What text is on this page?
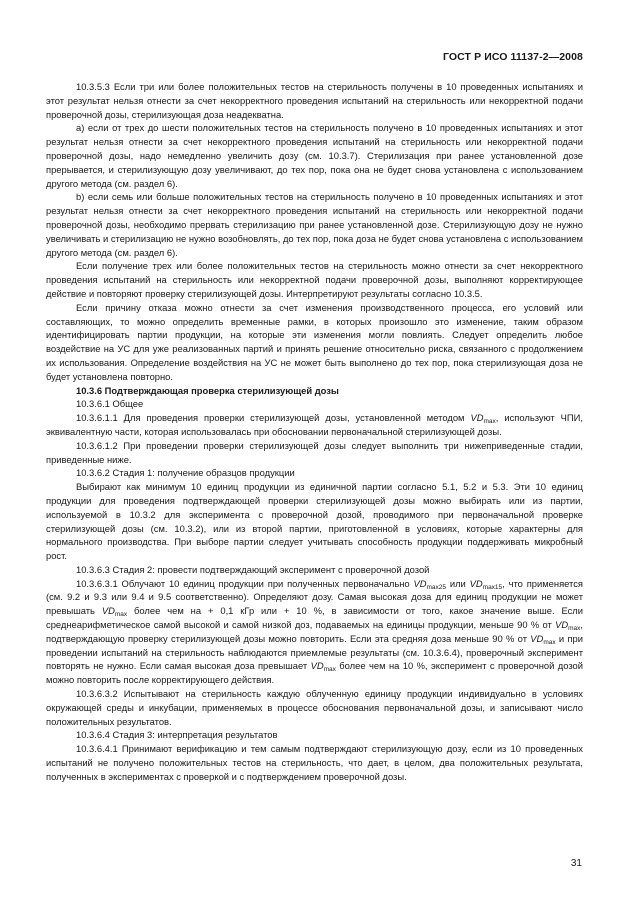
ГОСТ Р ИСО 11137-2—2008

10.3.5.3 Если три или более положительных тестов на стерильность получены в 10 проведенных испытаниях и этот результат нельзя отнести за счет некорректного проведения испытаний на стерильность или некорректной подачи проверочной дозы, стерилизующая доза неадекватна.

а) если от трех до шести положительных тестов на стерильность получено в 10 проведенных испытаниях и этот результат нельзя отнести за счет некорректного проведения испытаний на стерильность или некорректной подачи проверочной дозы, надо немедленно увеличить дозу (см. 10.3.7). Стерилизация при ранее установленной дозе прерывается, и стерилизующую дозу увеличивают, до тех пор, пока она не будет снова установлена с использованием другого метода (см. раздел 6).

b) если семь или больше положительных тестов на стерильность получено в 10 проведенных испытаниях и этот результат нельзя отнести за счет некорректного проведения испытаний на стерильность или некорректной подачи проверочной дозы, необходимо прервать стерилизацию при ранее установленной дозе. Стерилизующую дозу не нужно увеличивать и стерилизацию не нужно возобновлять, до тех пор, пока доза не будет снова установлена с использованием другого метода (см. раздел 6).

Если получение трех или более положительных тестов на стерильность можно отнести за счет некорректного проведения испытаний на стерильность или некорректной подачи проверочной дозы, выполняют корректирующее действие и повторяют проверку стерилизующей дозы. Интерпретируют результаты согласно 10.3.5.

Если причину отказа можно отнести за счет изменения производственного процесса, его условий или составляющих, то можно определить временные рамки, в которых произошло это изменение, таким образом идентифицировать партии продукции, на которые эти изменения могли повлиять. Следует определить любое воздействие на УС для уже реализованных партий и принять решение относительно риска, связанного с продолжением их использования. Определение воздействия на УС не может быть выполнено до тех пор, пока стерилизующая доза не будет установлена повторно.

10.3.6 Подтверждающая проверка стерилизующей дозы

10.3.6.1 Общее

10.3.6.1.1 Для проведения проверки стерилизующей дозы, установленной методом $VD_{max}$, используют ЧПИ, эквивалентную части, которая использовалась при обосновании первоначальной стерилизующей дозы.

10.3.6.1.2 При проведении проверки стерилизующей дозы следует выполнить три нижеприведенные стадии, приведенные ниже.

10.3.6.2 Стадия 1: получение образцов продукции

Выбирают как минимум 10 единиц продукции из единичной партии согласно 5.1, 5.2 и 5.3. Эти 10 единиц продукции для проведения подтверждающей проверки стерилизующей дозы можно выбирать или из партии, используемой в 10.3.2 для эксперимента с проверочной дозой, проводимого при первоначальной проверке стерилизующей дозы (см. 10.3.2), или из второй партии, приготовленной в условиях, которые характерны для нормального производства. При выборе партии следует учитывать способность продукции поддерживать микробный рост.

10.3.6.3 Стадия 2: провести подтверждающий эксперимент с проверочной дозой

10.3.6.3.1 Облучают 10 единиц продукции при полученных первоначально $VD_{max25}$ или $VD_{max15}$, что применяется (см. 9.2 и 9.3 или 9.4 и 9.5 соответственно). Определяют дозу. Самая высокая доза для единиц продукции не может превышать $VD_{max}$ более чем на + 0,1 кГр или + 10 %, в зависимости от того, какое значение выше. Если среднеарифметическое самой высокой и самой низкой доз, подаваемых на единицы продукции, меньше 90 % от $VD_{max}$, подтверждающую проверку стерилизующей дозы можно повторить. Если эта средняя доза меньше 90 % от $VD_{max}$ и при проведении испытаний на стерильность наблюдаются приемлемые результаты (см. 10.3.6.4), проверочный эксперимент повторять не нужно. Если самая высокая доза превышает $VD_{max}$ более чем на 10 %, эксперимент с проверочной дозой можно повторить после корректирующего действия.

10.3.6.3.2 Испытывают на стерильность каждую облученную единицу продукции индивидуально в условиях окружающей среды и инкубации, применяемых в процессе обоснования первоначальной дозы, и записывают число положительных результатов.

10.3.6.4 Стадия 3: интерпретация результатов

10.3.6.4.1 Принимают верификацию и тем самым подтверждают стерилизующую дозу, если из 10 проведенных испытаний не получено положительных тестов на стерильность, что дает, в целом, два положительных результата, полученных в экспериментах с проверкой и с подтверждением проверочной дозы.

31
